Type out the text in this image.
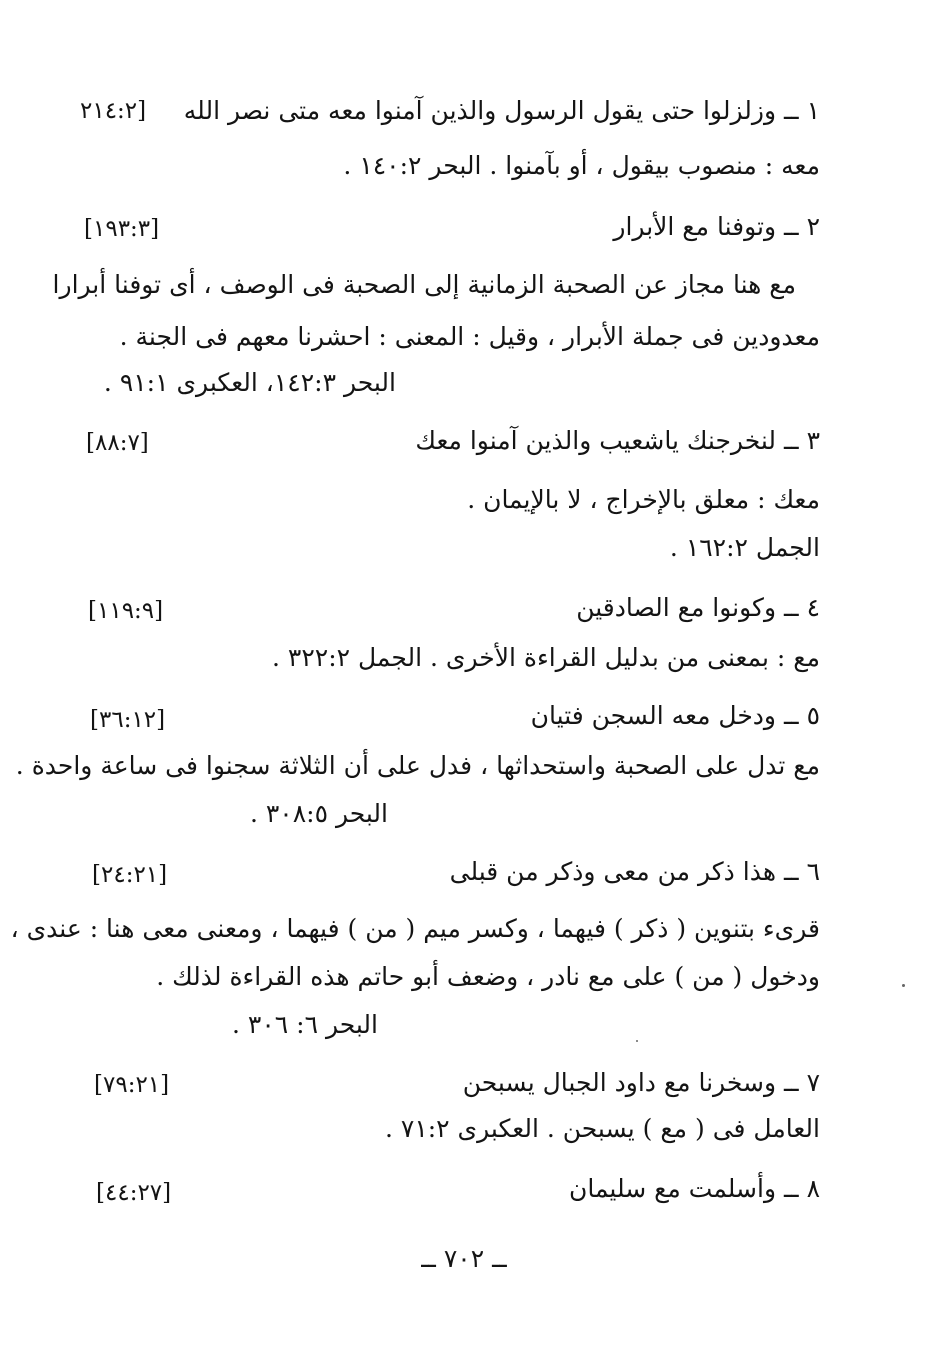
١ ــ وزلزلوا حتى يقول الرسول والذين آمنوا معه متى نصر الله
[٢١٤:٢
معه : منصوب بيقول ، أو بآمنوا . البحر ١٤٠:٢ .
٢ ــ وتوفنا مع الأبرار
[١٩٣:٣]
مع هنا مجاز عن الصحبة الزمانية إلى الصحبة فى الوصف ، أى توفنا أبرارا
معدودين فى جملة الأبرار ، وقيل : المعنى : احشرنا معهم فى الجنة .
البحر ١٤٢:٣، العكبرى ٩١:١ .
٣ ــ لنخرجنك ياشعيب والذين آمنوا معك
[٨٨:٧]
معك : معلق بالإخراج ، لا بالإيمان .
الجمل ١٦٢:٢ .
٤ ــ وكونوا مع الصادقين
[١١٩:٩]
مع : بمعنى من بدليل القراءة الأخرى . الجمل ٣٢٢:٢ .
٥ ــ ودخل معه السجن فتيان
[٣٦:١٢]
مع تدل على الصحبة واستحداثها ، فدل على أن الثلاثة سجنوا فى ساعة واحدة .
البحر ٣٠٨:٥ .
٦ ــ هذا ذكر من معى وذكر من قبلى
[٢٤:٢١]
قرىء بتنوين ( ذكر ) فيهما ، وكسر ميم ( من ) فيهما ، ومعنى معى هنا : عندى ،
ودخول ( من ) على مع نادر ، وضعف أبو حاتم هذه القراءة لذلك .
البحر ٦: ٣٠٦ .
٧ ــ وسخرنا مع داود الجبال يسبحن
[٧٩:٢١]
العامل فى ( مع ) يسبحن . العكبرى ٧١:٢ .
٨ ــ وأسلمت مع سليمان
[٤٤:٢٧]
ــ ٧٠٢ ــ
